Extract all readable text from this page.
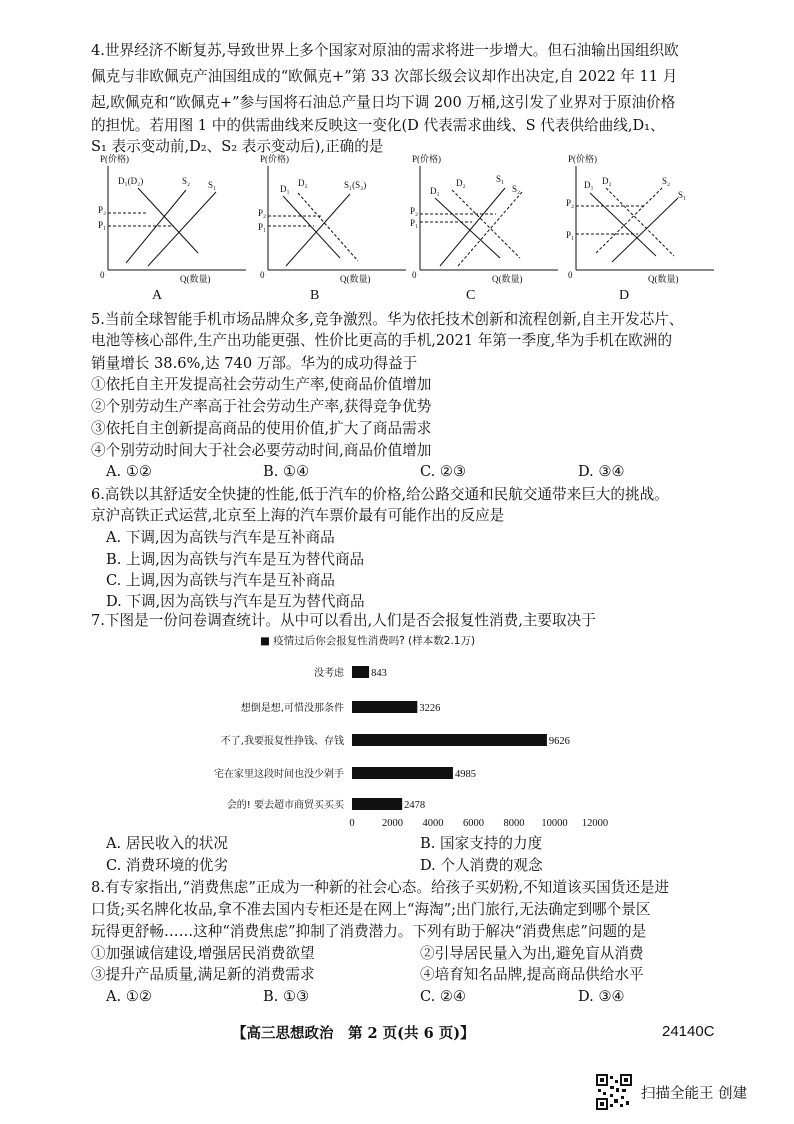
4.世界经济不断复苏,导致世界上多个国家对原油的需求将进一步增大。但石油输出国组织欧
佩克与非欧佩克产油国组成的“欧佩克+”第 33 次部长级会议却作出决定,自 2022 年 11 月
起,欧佩克和“欧佩克+”参与国将石油总产量日均下调 200 万桶,这引发了业界对于原油价格
的担忧。若用图 1 中的供需曲线来反映这一变化(D 代表需求曲线、S 代表供给曲线,D₁、
S₁ 表示变动前,D₂、S₂ 表示变动后),正确的是
P(价格)
0	Q(数量)
D₁(D₂)	S₂ S₁
P₂
P₁
A
P(价格)
0	Q(数量)
D₁
D₂	S₁(S₂)
P₂
P₁
B
P(价格)
0	Q(数量)
D₁
D₂	S₁
S₂
P₂
P₁
C
P(价格)
0	Q(数量)
D₁ D₂	S₂
S₁
P₂
P₁
D
5.当前全球智能手机市场品牌众多,竞争激烈。华为依托技术创新和流程创新,自主开发芯片、
电池等核心部件,生产出功能更强、性价比更高的手机,2021 年第一季度,华为手机在欧洲的
销量增长 38.6%,达 740 万部。华为的成功得益于
①依托自主开发提高社会劳动生产率,使商品价值增加
②个别劳动生产率高于社会劳动生产率,获得竞争优势
③依托自主创新提高商品的使用价值,扩大了商品需求
④个别劳动时间大于社会必要劳动时间,商品价值增加
A. ①②	B. ①④	C. ②③	D. ③④
6.高铁以其舒适安全快捷的性能,低于汽车的价格,给公路交通和民航交通带来巨大的挑战。
京沪高铁正式运营,北京至上海的汽车票价最有可能作出的反应是
A. 下调,因为高铁与汽车是互补商品
B. 上调,因为高铁与汽车是互为替代商品
C. 上调,因为高铁与汽车是互补商品
D. 下调,因为高铁与汽车是互为替代商品
7.下图是一份问卷调查统计。从中可以看出,人们是否会报复性消费,主要取决于
■ 疫情过后你会报复性消费吗? (样本数2.1万)
没考虑	843
想倒是想,可惜没那条件	3226
不了,我要报复性挣钱、存钱	9626
宅在家里这段时间也没少剁手	4985
会的! 要去超市商贸买买买	2478
0	2000 4000 6000 8000 10000 12000
A. 居民收入的状况	B. 国家支持的力度
C. 消费环境的优劣	D. 个人消费的观念
8.有专家指出,“消费焦虑”正成为一种新的社会心态。给孩子买奶粉,不知道该买国货还是进
口货;买名牌化妆品,拿不准去国内专柜还是在网上“海淘”;出门旅行,无法确定到哪个景区
玩得更舒畅……这种“消费焦虑”抑制了消费潜力。下列有助于解决“消费焦虑”问题的是
①加强诚信建设,增强居民消费欲望	②引导居民量入为出,避免盲从消费
③提升产品质量,满足新的消费需求	④培育知名品牌,提高商品供给水平
A. ①②	B. ①③	C. ②④	D. ③④
【高三思想政治　第 2 页(共 6 页)】	24140C
扫描全能王 创建
